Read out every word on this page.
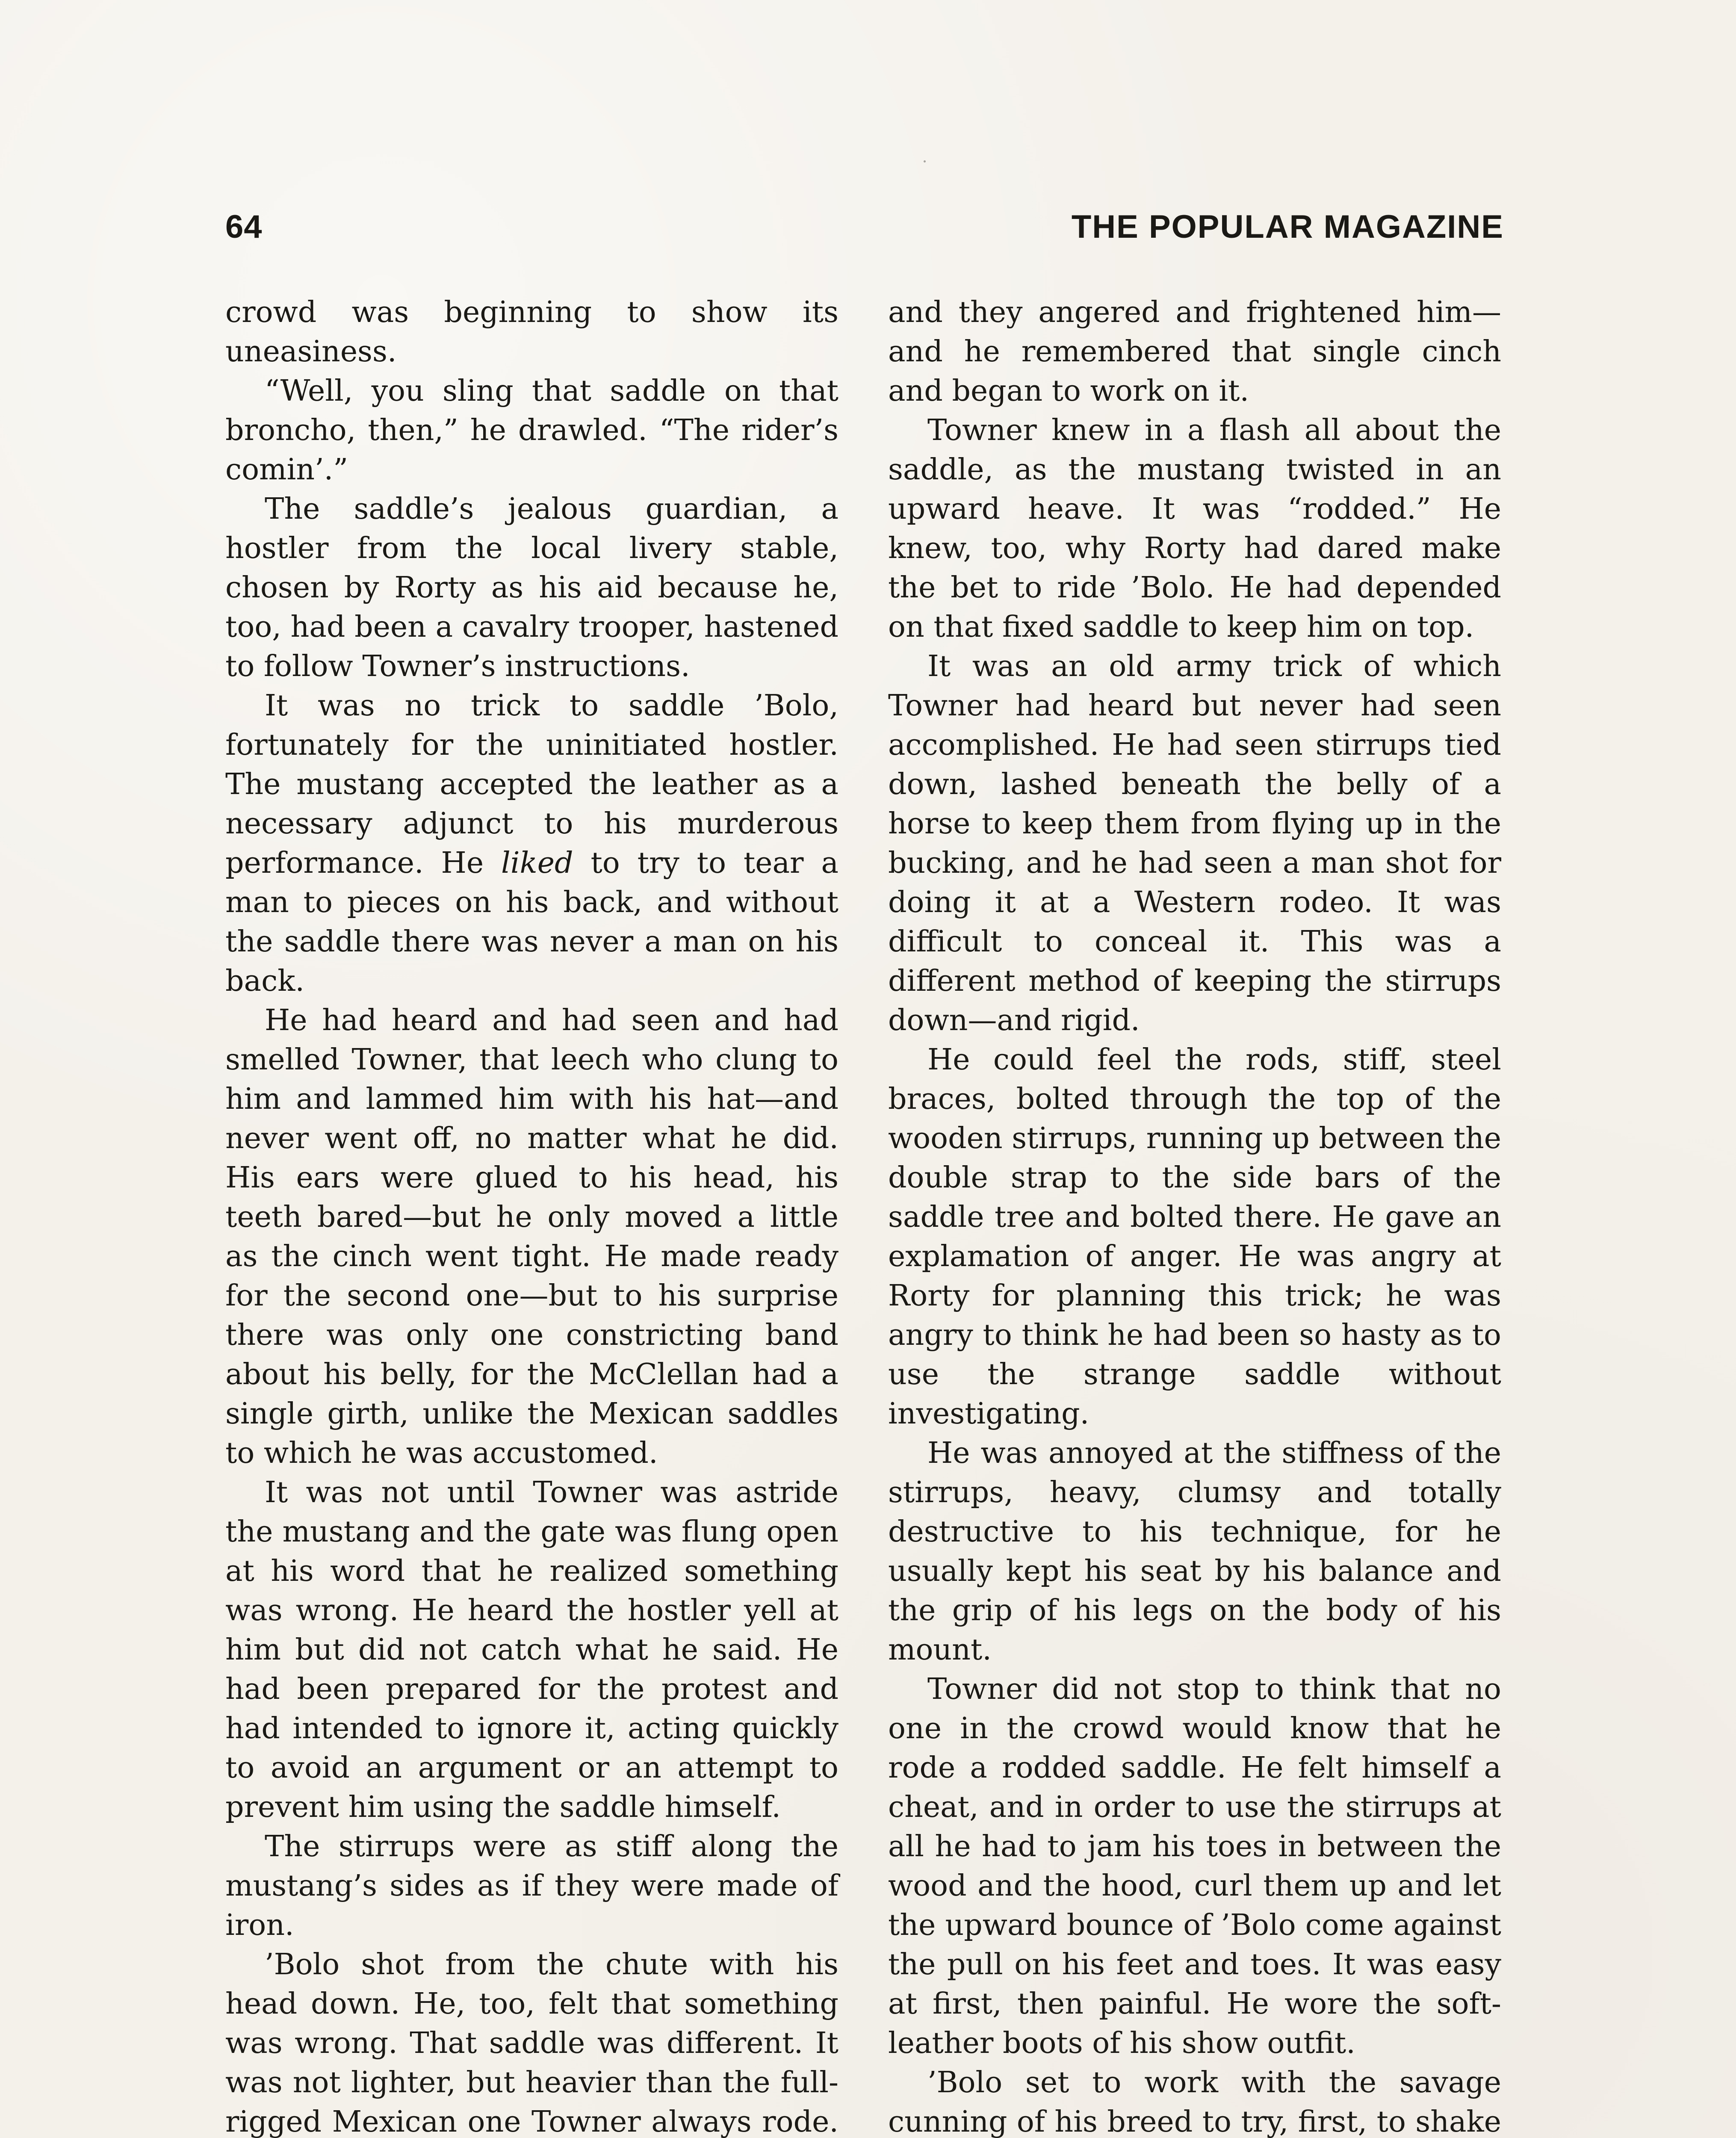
64	THE POPULAR MAGAZINE

crowd was beginning to show its uneasiness.

“Well, you sling that saddle on that broncho, then,” he drawled. “The rider’s comin’.”

The saddle’s jealous guardian, a hostler from the local livery stable, chosen by Rorty as his aid because he, too, had been a cavalry trooper, hastened to follow Towner’s instructions.

It was no trick to saddle ’Bolo, fortunately for the uninitiated hostler. The mustang accepted the leather as a necessary adjunct to his murderous performance. He liked to try to tear a man to pieces on his back, and without the saddle there was never a man on his back.

He had heard and had seen and had smelled Towner, that leech who clung to him and lammed him with his hat—and never went off, no matter what he did. His ears were glued to his head, his teeth bared—but he only moved a little as the cinch went tight. He made ready for the second one—but to his surprise there was only one constricting band about his belly, for the McClellan had a single girth, unlike the Mexican saddles to which he was accustomed.

It was not until Towner was astride the mustang and the gate was flung open at his word that he realized something was wrong. He heard the hostler yell at him but did not catch what he said. He had been prepared for the protest and had intended to ignore it, acting quickly to avoid an argument or an attempt to prevent him using the saddle himself.

The stirrups were as stiff along the mustang’s sides as if they were made of iron.

’Bolo shot from the chute with his head down. He, too, felt that something was wrong. That saddle was different. It was not lighter, but heavier than the full-rigged Mexican one Towner always rode.

and they angered and frightened him—and he remembered that single cinch and began to work on it.

Towner knew in a flash all about the saddle, as the mustang twisted in an upward heave. It was “rodded.” He knew, too, why Rorty had dared make the bet to ride ’Bolo. He had depended on that fixed saddle to keep him on top.

It was an old army trick of which Towner had heard but never had seen accomplished. He had seen stirrups tied down, lashed beneath the belly of a horse to keep them from flying up in the bucking, and he had seen a man shot for doing it at a Western rodeo. It was difficult to conceal it. This was a different method of keeping the stirrups down—and rigid.

He could feel the rods, stiff, steel braces, bolted through the top of the wooden stirrups, running up between the double strap to the side bars of the saddle tree and bolted there. He gave an explamation of anger. He was angry at Rorty for planning this trick; he was angry to think he had been so hasty as to use the strange saddle without investigating.

He was annoyed at the stiffness of the stirrups, heavy, clumsy and totally destructive to his technique, for he usually kept his seat by his balance and the grip of his legs on the body of his mount.

Towner did not stop to think that no one in the crowd would know that he rode a rodded saddle. He felt himself a cheat, and in order to use the stirrups at all he had to jam his toes in between the wood and the hood, curl them up and let the upward bounce of ’Bolo come against the pull on his feet and toes. It was easy at first, then painful. He wore the soft-leather boots of his show outfit.

’Bolo set to work with the savage cunning of his breed to try, first, to shake
